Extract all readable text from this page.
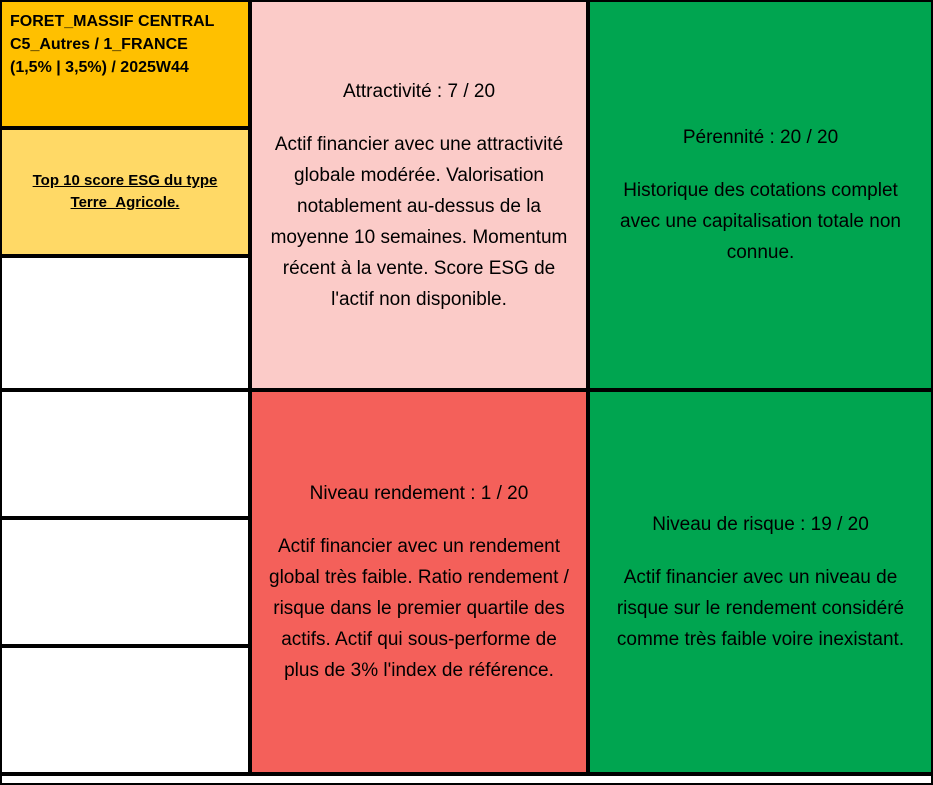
FORET_MASSIF CENTRAL
C5_Autres / 1_FRANCE
(1,5% | 3,5%) / 2025W44
Top 10 score ESG du type Terre_Agricole.
Attractivité : 7 / 20
Actif financier avec une attractivité globale modérée. Valorisation notablement au-dessus de la moyenne 10 semaines. Momentum récent à la vente. Score ESG de l'actif non disponible.
Niveau rendement : 1 / 20
Actif financier avec un rendement global très faible. Ratio rendement / risque dans le premier quartile des actifs. Actif qui sous-performe de plus de 3% l'index de référence.
Pérennité : 20 / 20
Historique des cotations complet avec une capitalisation totale non connue.
Niveau de risque : 19 / 20
Actif financier avec un niveau de risque sur le rendement considéré comme très faible voire inexistant.
